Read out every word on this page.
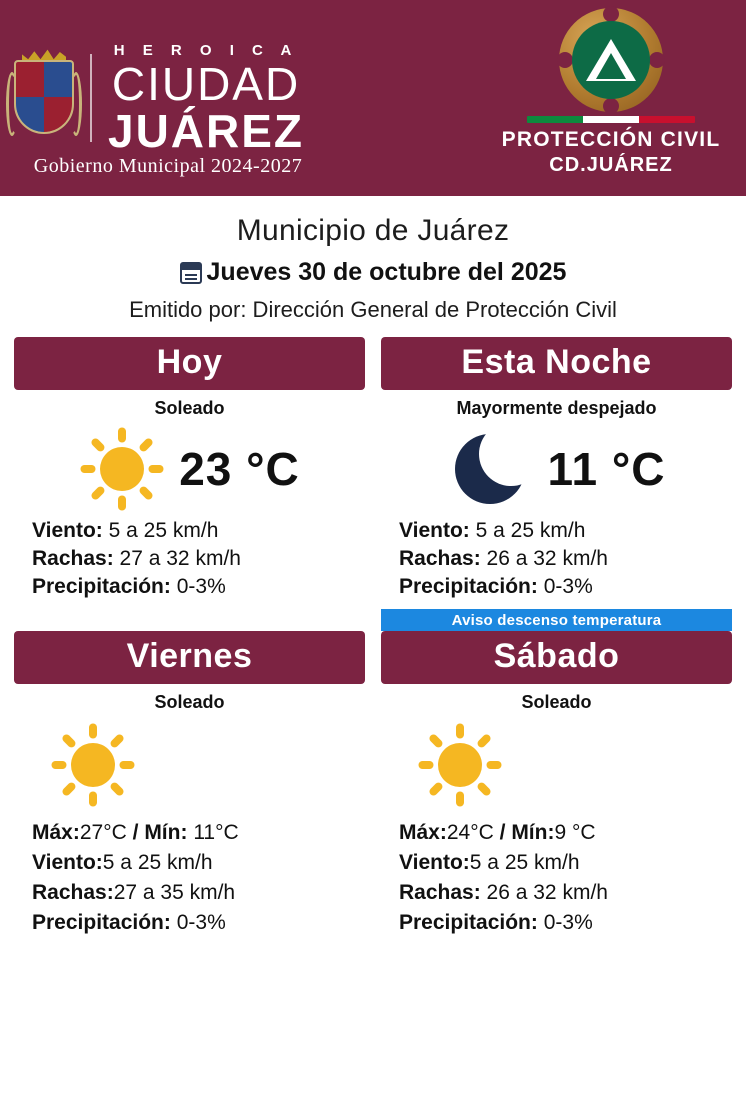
H E R O I C A
CIUDAD
JUÁREZ
Gobierno Municipal 2024-2027
PROTECCIÓN CIVIL
CD.JUÁREZ
Municipio de Juárez
Jueves 30 de octubre del 2025
Emitido por: Dirección General de Protección Civil
Hoy
Soleado
23 °C
Viento: 5 a 25 km/h
Rachas: 27 a 32 km/h
Precipitación: 0-3%
Esta Noche
Mayormente despejado
11 °C
Viento: 5 a 25 km/h
Rachas: 26 a 32 km/h
Precipitación: 0-3%
Viernes
Soleado
Máx:27°C / Mín: 11°C
Viento:5 a 25 km/h
Rachas:27 a 35 km/h
Precipitación: 0-3%
Aviso descenso temperatura
Sábado
Soleado
Máx:24°C / Mín:9 °C
Viento:5 a 25 km/h
Rachas: 26 a 32 km/h
Precipitación: 0-3%
